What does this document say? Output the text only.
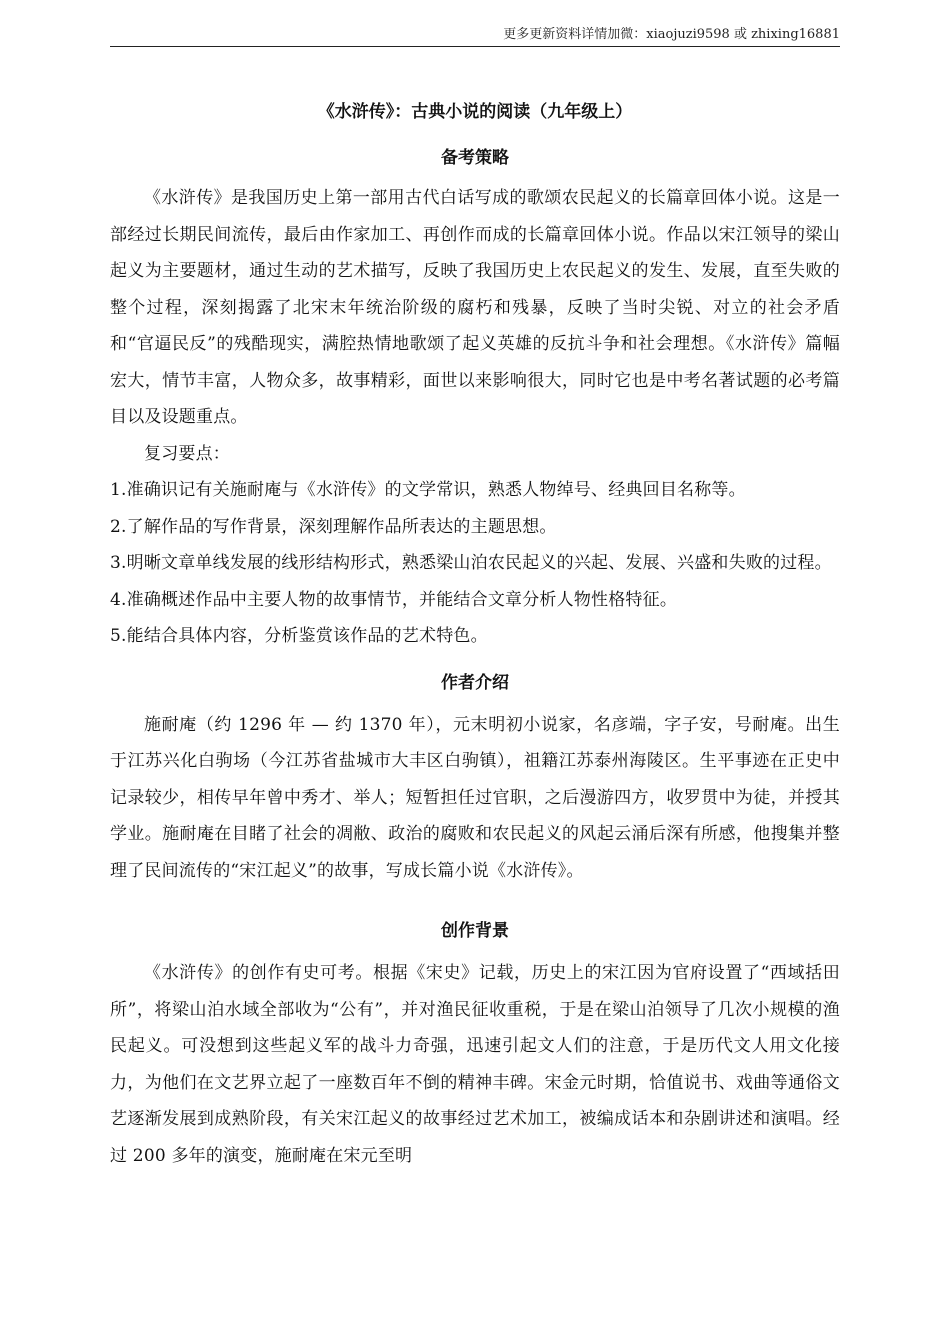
更多更新资料详情加微：xiaojuzi9598 或 zhixing16881
《水浒传》：古典小说的阅读（九年级上）
备考策略

《水浒传》是我国历史上第一部用古代白话写成的歌颂农民起义的长篇章回体小说。这是一部经过长期民间流传，最后由作家加工、再创作而成的长篇章回体小说。作品以宋江领导的梁山起义为主要题材，通过生动的艺术描写，反映了我国历史上农民起义的发生、发展，直至失败的整个过程，深刻揭露了北宋末年统治阶级的腐朽和残暴，反映了当时尖锐、对立的社会矛盾和“官逼民反”的残酷现实，满腔热情地歌颂了起义英雄的反抗斗争和社会理想。《水浒传》篇幅宏大，情节丰富，人物众多，故事精彩，面世以来影响很大，同时它也是中考名著试题的必考篇目以及设题重点。

复习要点：

1.准确识记有关施耐庵与《水浒传》的文学常识，熟悉人物绰号、经典回目名称等。

2.了解作品的写作背景，深刻理解作品所表达的主题思想。

3.明晰文章单线发展的线形结构形式，熟悉梁山泊农民起义的兴起、发展、兴盛和失败的过程。

4.准确概述作品中主要人物的故事情节，并能结合文章分析人物性格特征。

5.能结合具体内容，分析鉴赏该作品的艺术特色。

作者介绍

施耐庵（约 1296 年 — 约 1370 年），元末明初小说家，名彦端，字子安，号耐庵。出生于江苏兴化白驹场（今江苏省盐城市大丰区白驹镇），祖籍江苏泰州海陵区。生平事迹在正史中记录较少，相传早年曾中秀才、举人；短暂担任过官职，之后漫游四方，收罗贯中为徒，并授其学业。施耐庵在目睹了社会的凋敝、政治的腐败和农民起义的风起云涌后深有所感，他搜集并整理了民间流传的“宋江起义”的故事，写成长篇小说《水浒传》。

创作背景

《水浒传》的创作有史可考。根据《宋史》记载，历史上的宋江因为官府设置了“西域括田所”，将梁山泊水域全部收为“公有”，并对渔民征收重税，于是在梁山泊领导了几次小规模的渔民起义。可没想到这些起义军的战斗力奇强，迅速引起文人们的注意，于是历代文人用文化接力，为他们在文艺界立起了一座数百年不倒的精神丰碑。宋金元时期，恰值说书、戏曲等通俗文艺逐渐发展到成熟阶段，有关宋江起义的故事经过艺术加工，被编成话本和杂剧讲述和演唱。经过 200 多年的演变，施耐庵在宋元至明
